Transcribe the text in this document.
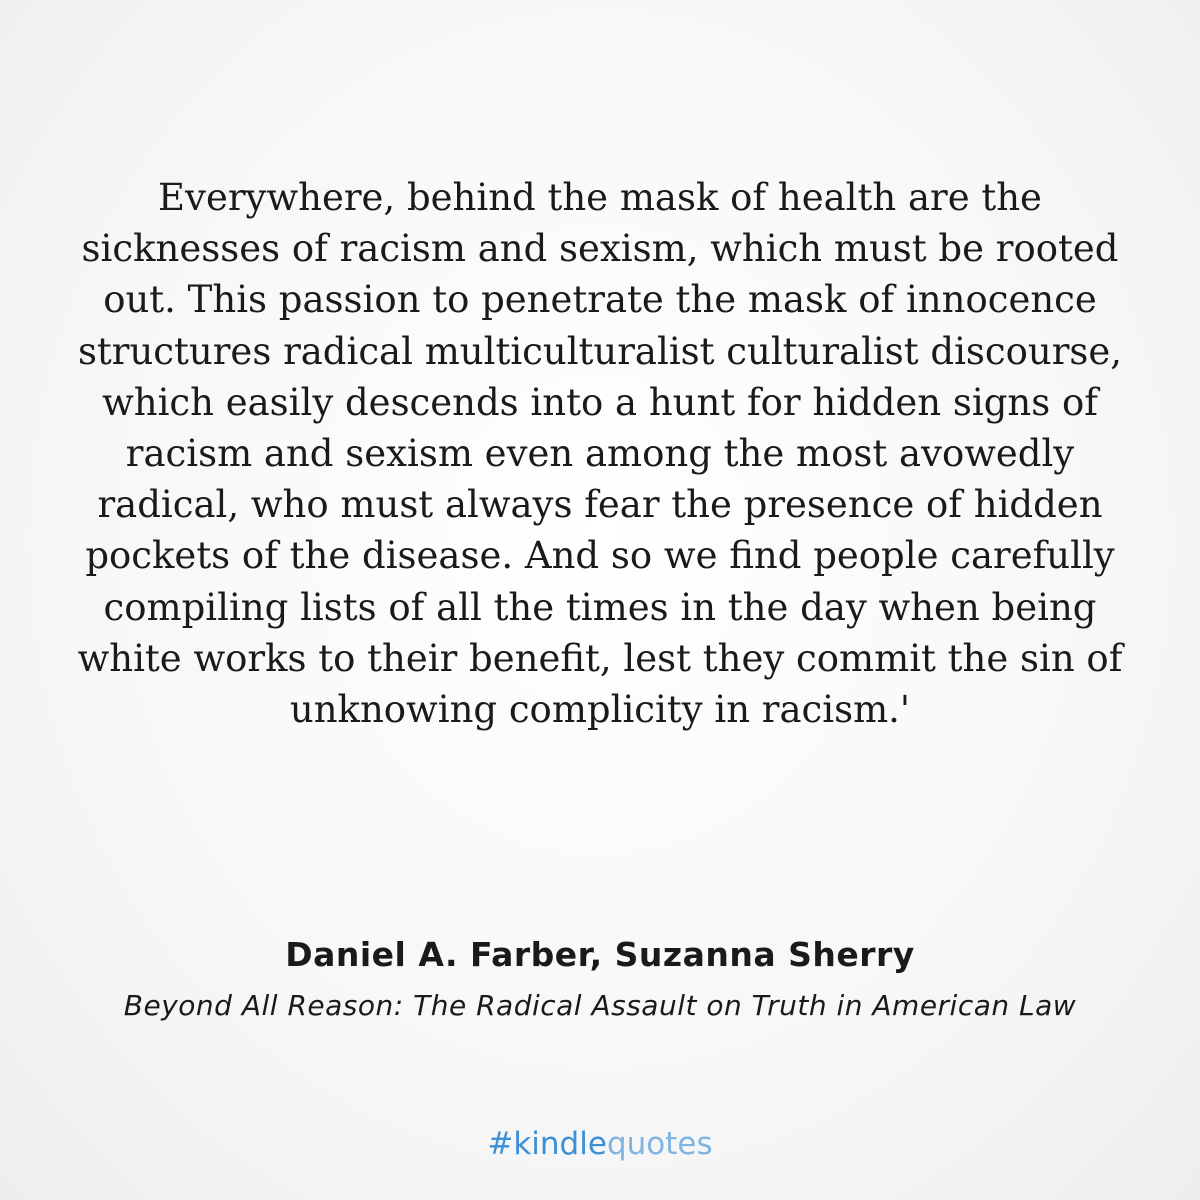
Everywhere, behind the mask of health are the sicknesses of racism and sexism, which must be rooted out. This passion to penetrate the mask of innocence structures radical multiculturalist culturalist discourse, which easily descends into a hunt for hidden signs of racism and sexism even among the most avowedly radical, who must always fear the presence of hidden pockets of the disease. And so we find people carefully compiling lists of all the times in the day when being white works to their benefit, lest they commit the sin of unknowing complicity in racism.'

Daniel A. Farber, Suzanna Sherry

Beyond All Reason: The Radical Assault on Truth in American Law

#kindlequotes
